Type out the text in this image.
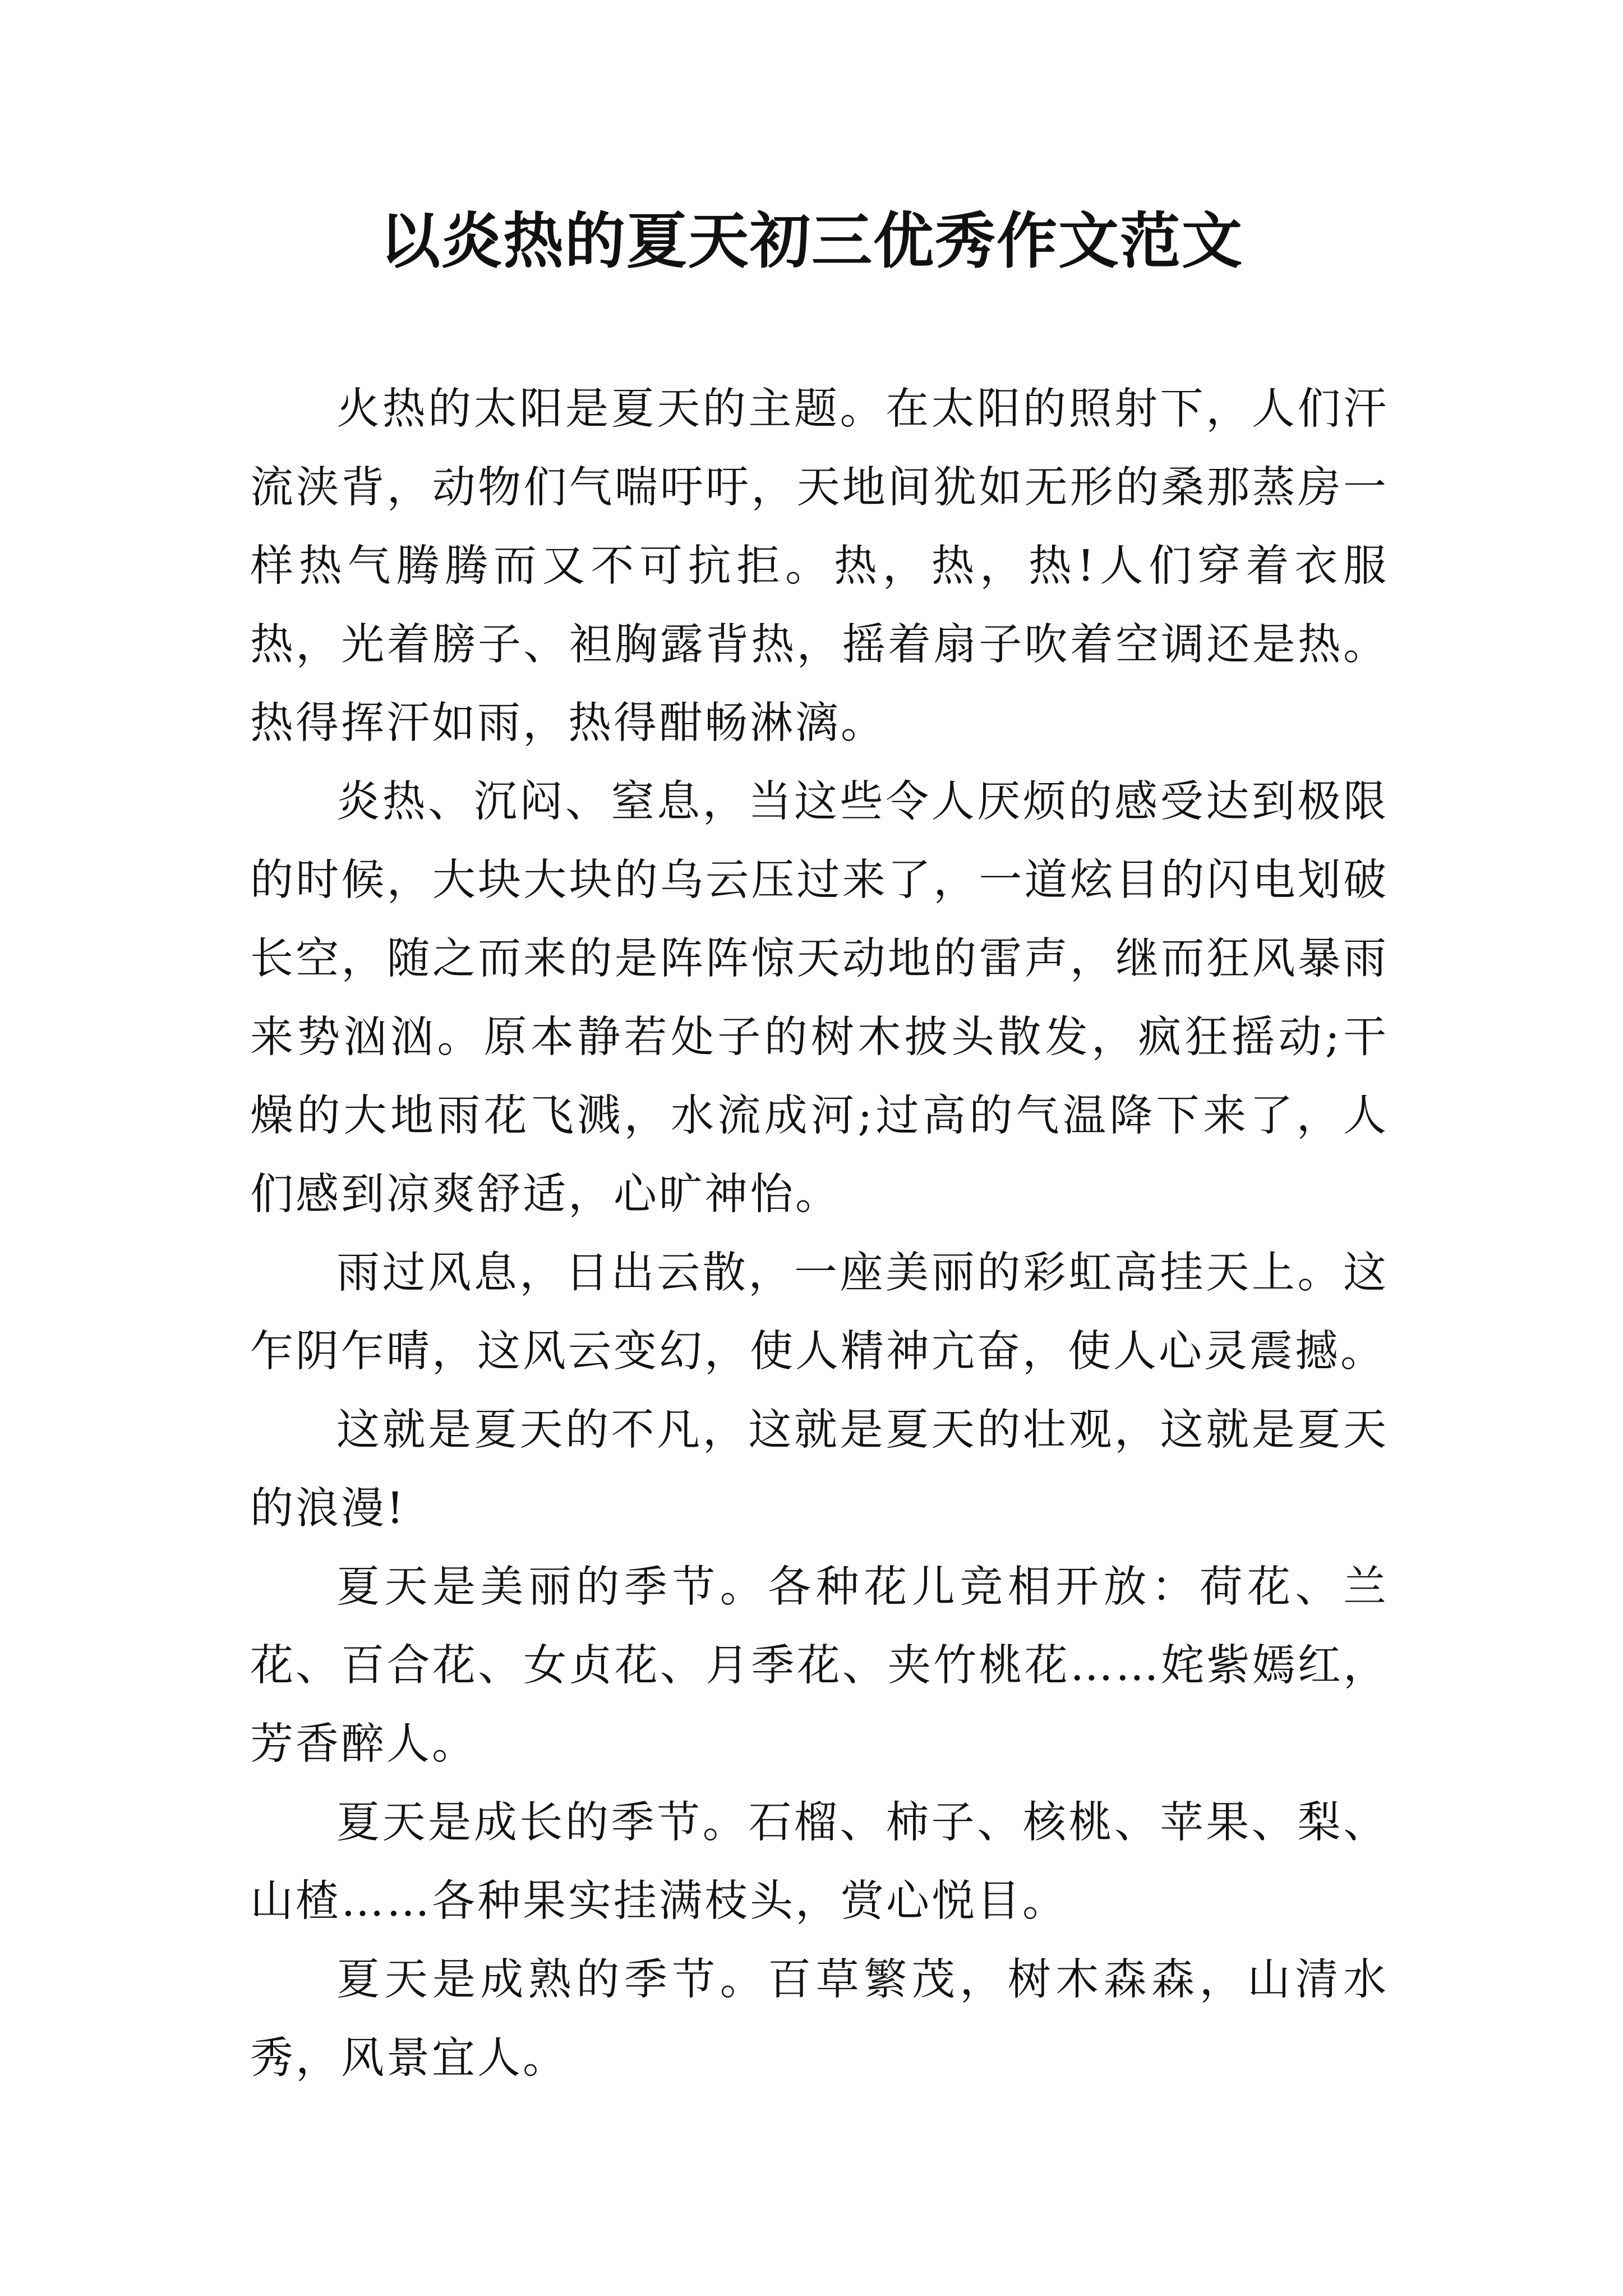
以炎热的夏天初三优秀作文范文

火热的太阳是夏天的主题。在太阳的照射下，人们汗流浃背，动物们气喘吁吁，天地间犹如无形的桑那蒸房一样热气腾腾而又不可抗拒。热，热，热!人们穿着衣服热，光着膀子、袒胸露背热，摇着扇子吹着空调还是热。热得挥汗如雨，热得酣畅淋漓。

炎热、沉闷、窒息，当这些令人厌烦的感受达到极限的时候，大块大块的乌云压过来了，一道炫目的闪电划破长空，随之而来的是阵阵惊天动地的雷声，继而狂风暴雨来势汹汹。原本静若处子的树木披头散发，疯狂摇动;干燥的大地雨花飞溅，水流成河;过高的气温降下来了，人们感到凉爽舒适，心旷神怡。

雨过风息，日出云散，一座美丽的彩虹高挂天上。这乍阴乍晴，这风云变幻，使人精神亢奋，使人心灵震撼。

这就是夏天的不凡，这就是夏天的壮观，这就是夏天的浪漫!

夏天是美丽的季节。各种花儿竞相开放：荷花、兰花、百合花、女贞花、月季花、夹竹桃花……姹紫嫣红，芳香醉人。

夏天是成长的季节。石榴、柿子、核桃、苹果、梨、山楂……各种果实挂满枝头，赏心悦目。

夏天是成熟的季节。百草繁茂，树木森森，山清水秀，风景宜人。
